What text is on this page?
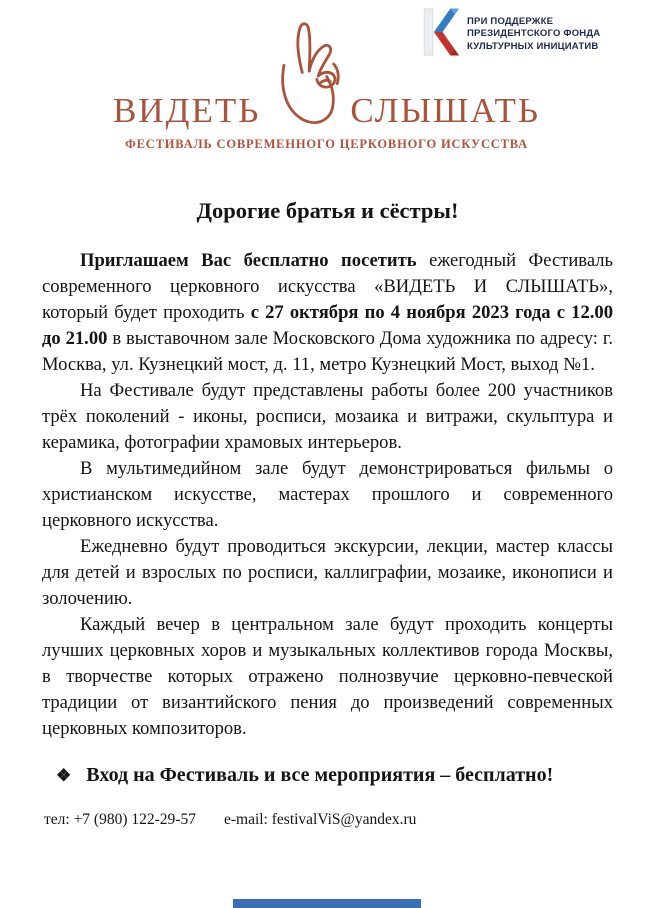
ПРИ ПОДДЕРЖКЕ
ПРЕЗИДЕНТСКОГО ФОНДА
КУЛЬТУРНЫХ ИНИЦИАТИВ
ВИДЕТЬ	СЛЫШАТЬ
ФЕСТИВАЛЬ СОВРЕМЕННОГО ЦЕРКОВНОГО ИСКУССТВА
Дорогие братья и сёстры!

Приглашаем Вас бесплатно посетить ежегодный Фестиваль современного церковного искусства «ВИДЕТЬ И СЛЫШАТЬ», который будет проходить с 27 октября по 4 ноября 2023 года с 12.00 до 21.00 в выставочном зале Московского Дома художника по адресу: г. Москва, ул. Кузнецкий мост, д. 11, метро Кузнецкий Мост, выход №1.

На Фестивале будут представлены работы более 200 участников трёх поколений - иконы, росписи, мозаика и витражи, скульптура и керамика, фотографии храмовых интерьеров.

В мультимедийном зале будут демонстрироваться фильмы о христианском искусстве, мастерах прошлого и современного церковного искусства.

Ежедневно будут проводиться экскурсии, лекции, мастер классы для детей и взрослых по росписи, каллиграфии, мозаике, иконописи и золочению.

Каждый вечер в центральном зале будут проходить концерты лучших церковных хоров и музыкальных коллективов города Москвы, в творчестве которых отражено полнозвучие церковно-певческой традиции от византийского пения до произведений современных церковных композиторов.

❖ Вход на Фестиваль и все мероприятия – бесплатно!
тел: +7 (980) 122-29-57 e-mail: festivalViS@yandex.ru
